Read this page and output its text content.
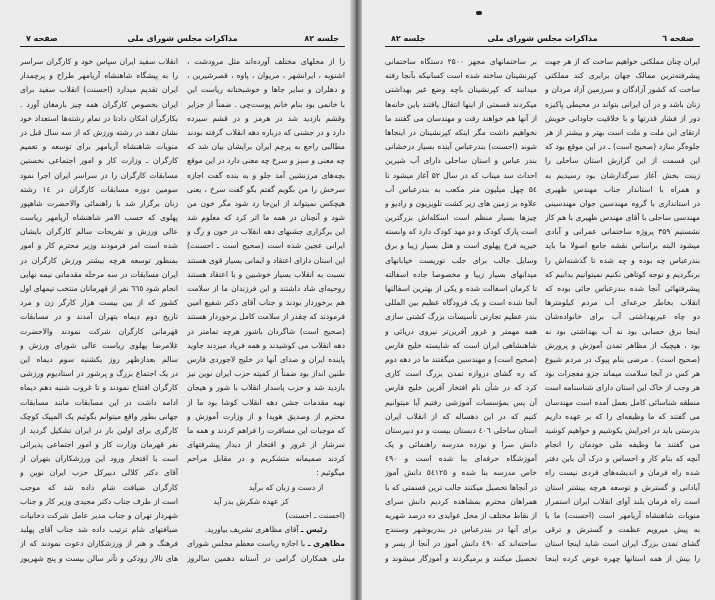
صفحه ٦
مذاکرات مجلس شورای ملی
جلسه ۸۲
جلسه ۸۲
مذاکرات مجلس شورای ملی
صفحه ۷
ایران چنان مملکتی خواهیم ساخت که از هر جهت
پیشرفته‌ترین ممالک جهان برابری کند مملکتی
ساخت که کشور آزادگان و سرزمین آزاد مردان و
زنان باشد و در آن ایرانی بتواند در محیطی پاکیزه
دور از فشار قدرتها و با خلاقیت جاودانی خویش
ارتقای این ملت و ملت است بهتر و بیشتر از هر
جلوه‌گر سازد (صحیح است) ـ در این موقع بود که
این قسمت از این گزارش استان ساحلی را
زینت بخش آغاز سرگذارشان بود رسیدیم به
و همراه با استاندار جناب مهندس ظهیری
در استانداری با گروه مهندسین جوان مهندسینی
مهندسی ساحلی با آقای مهندس ظهیری با هم کار
نشستیم ۳۵۹ پروژه ساختمانی عمرانی و آبادی
میشود البته براساس نقشه جامع اصولا ما باید
بندرعباس چه بوده و چه شده تا گذشته‌اش را
برنگردیم و توجه کوتاهی نکنیم نمیتوانیم بدانیم که
پیشرفتهائی آنجا شده بندرعباس جائی بوده که
انقلاب بخاطر جرعه‌ای آب مردم کیلومترها
دو چاه غیربهداشتی آب برای خانواده‌شان
اینجا برق حسابی بود نه آب بهداشتی بود نه
بود ، هیچیک از مظاهر تمدن آموزش و پرورش
(صحیح است) . مرضی بنام پیوک در مردم شیوع
هر کس در آنجا سلامت میماند جزو معجزات بود
هر وجب از خاک این استان دارای شناسنامه است
منطقه شناسائی کامل بعمل آمده است مهندسان
می گفتند که ما وظیفه‌ای را که بر عهده داریم
بدرستی باید در اجرایش بکوشیم و خواهیم کوشید
می گفتند ما وظیفه ملی خودمان را انجام
آنچه که بنام کار و احساس و درک آن باین دفتر
شده راه فرمان و اندیشه‌های فردی نیست راه
آبادانی و گسترش و توسعه هرچه بیشتر استان
است راه فرمان بلند آوای انقلاب ایران استمرار
منویات شاهنشاه آریامهر است (احسنت) ما با
به پیش میرویم عظمت و گسترش و ترقی
گشای تمدن بزرگ ایران است شاید اینجا استان
را بیش از همه استانها چهره عوض کرده اینجا
بر ساختمانهای مجهز ۲۵۰۰ دستگاه ساختمانی
کپرنشینان ساخته شده است کسانیکه بآنجا رفته
میدانند که کپرنشینان باچه وضع غیر بهداشتی
میکردند قسمتی از اینها انتقال یافتند باین خانه‌ها
از آنها هم خواهند رفت و مهندسان می گفتند ما
نخواهیم داشت مگر اینکه کپرنشینان در اینجاها
شوند (احسنت) بندرعباس آینده بسیار درخشانی
بندر عباس و استان ساحلی دارای آب شیرین
احداث سد میناب که در سال ۵۲ آغاز میشود تا
۵٤ چهل میلیون متر مکعب به بندرعباس آب
علاوه بر زمین های زیر کشت تلویزیون و رادیو و
چیزها بسیار منظم است اسکله‌اش بزرگترین
است پارک کودک و دو مهد کودک دارد که وابسته
خیریه فرح پهلوی است و هتل بسیار زیبا و برق
وسایل جالب برای جلب توریست خیابانهای
میدانهای بسیار زیبا و مخصوصا جاده اسفالته
تا کرمان اسفالت شده و یکی از بهترین اسفالتها
آنجا شده است و یک فرودگاه عظیم بین المللی
بندر عظیم تجارتی تأسیسات بزرگ کشتی سازی
همه مهمتر و غرور آفرین‌تر نیروی دریائی و
شاهنشاهی ایران است که شایسته خلیج فارس
(صحیح است) و مهندسین میگفتند ما در دهه دوم
که ره گشای دروازه تمدن بزرگ است کاری
کرد که در شأن نام افتخار آفرین خلیج فارس
آن پس بمؤسسات آموزشی رفتیم آیا میتوانیم
کنیم که در این دهساله که از انقلاب ایران
استان ساحلی ٤٠٦ دبستان بیست و دو دبیرستان
دانش سرا و نوزده مدرسه راهنمائی و یک
آموزشگاه حرفه‌ای بنا شده است و ٤٩٠
خاص مدرسه بنا شده و ٥٤١٢٥ دانش آموز
در آنجاها تحصیل میکنند جالب ترین قسمتی که با
همراهان محترم بمشاهده کردیم دانش سرای
از نقاط مختلف از محل عوایدی ده درصد شهریه
برای آنها در بندرعباس در بندربوشهر وسنندج
ساخته‌اند که ٤٩٠ دانش آموز در آنجا از پسر و
تحصیل میکنند و برمیگردند و آموزگار میشوند و
را از محلهای مختلف آورده‌اند مثل مرودشت ،
اشنویه ، ایرانشهر ، مریوان ، پاوه ، قصرشیرین ،
و دهلران و سایر جاها و خوشبختانه ریاست این
با خانمی بود بنام خانم پوست‌چی . ضمناً از جزایر
وقشم بازدید شد در هرمز و در قشم سیزده
دارد و در جشنی که درباره دهه انقلاب گرفته بودند
مطالبی راجع به پرچم ایران برایشان بیان شد که
چه معنی و سبز و سرخ چه معنی دارد در این موقع
بچه‌های مرزنشین آمد جلو و به بنده گفت اجازه
سرخش را من بگویم گفتم بگو گفت سرخ ، یعنی
هیچکس نمیتواند از این‌جا رد شود مگر خون من
شود و آنچنان در همه ما اثر کرد که معلوم شد
این برگزاری جشنهای دهه انقلاب در خون و رگ و
ایرانی عجین شده است (صحیح است ـ احسنت)
این استان دارای اعتقاد و ایمانی بسیار قوی هستند
نسبت به انقلاب بسیار خوشبین و با اعتقاد هستند
روحیه‌ای شاد داشتند و این فرزندان ما از سلامت
هم برخوردار بودند و جناب آقای دکتر شفیع امین
فرمودند که چقدر از سلامت کامل برخوردار هستند
(صحیح است) شاگردان باشور هرچه تمامتر در
دهه انقلاب می کوشیدند و همه فریاد میزدند جاوید
پاینده ایران و صدای آنها در خلیج لاجوردی فارس
طنین انداز بود ضمناً از کمیته حزب ایران نوین نیز
بازدید شد و حزب پاسدار انقلاب با شور و هیجان
تهیه مقدمات جشن دهه انقلاب کوشا بود ما از
محترم از وصدیق هویدا و از وزارت آموزش و
که موجبات این مسافرت را فراهم کردند و همه ما
سرشار از غرور و افتخار از دیدار پیشرفتهای
کردند صمیمانه متشکریم و در مقابل مراحم
میگوئیم :
از دست و زبان که برآید
کز عهده شکرش بدر آید
(احسنت ـ احسنت)
رئیس ـ آقای مظاهری تشریف بیاورید.
مظاهری ـ با اجازه ریاست معظم مجلس شورای
ملی همکاران گرامی در آستانه دهمین سالروز
انقلاب سفید ایران سپاس خود و کارگران سراسر
را به پیشگاه شاهنشاه آریامهر طراح و پرچمدار
ایران تقدیم میدارد (احسنت) انقلاب سفید برای
ایران بخصوص کارگران همه چیز بارمغان آورد .
بکارگران امکان دادتا در تمام رشته‌ها استعداد خود
نشان دهند در رشته ورزش که از سه سال قبل در
منویات شاهنشاه آریامهر برای توسعه و تعمیم
کارگران ـ وزارت کار و امور اجتماعی نخستین
مسابقات کارگران را در سراسر ایران اجرا نمود
سومین دوره مسابقات کارگران در ۱٤ رشته
زنان برگزار شد با راهنمائی والاحضرت شاهپور
پهلوی که حسب الامر شاهنشاه آریامهر ریاست
عالی ورزش و تفریحات سالم کارگران بایشان
شده است امر فرمودند وزیر محترم کار و امور
بمنظور توسعه هرچه بیشتر ورزش کارگران در
ایران مسابقات در سه مرحله مقدماتی نیمه نهایی
انجام شود ٦٦٥ نفر از قهرمانان منتخب تیمهای اول
کشور که از بین بیست هزار کارگر زن و مرد
تاریخ دوم دیماه بتهران آمدند و در مسابقات
قهرمانی کارگران شرکت نمودند والاحضرت
غلامرضا پهلوی ریاست عالی شورای ورزش و
سالم بعدازظهر روز یکشنبه سوم دیماه این
در یک اجتماع بزرگ و پرشور در استادیوم ورزشی
کارگران افتتاح نمودند و تا غروب شنبه دهم دیماه
ادامه داشت در این مسابقات مانند مسابقات
جهانی بطور واقع میتوانم بگوئیم یک المپیک کوچک
کارگری برای اولین بار در ایران تشکیل گردید از
نفر قهرمان وزارت کار و امور اجتماعی پذیرائی
است با افتخار ورود این ورزشکاران بتهران از
آقای دکتر کلالی دبیرکل حزب ایران نوین و
کارگران ضیافت شام داده شد که موجب
است از طرف جناب دکتر مجیدی وزیر کار و جناب
شهردار تهران و جناب مدیر عامل شرکت دخانیات
ضیافتهای شام ترتیب داده شد جناب آقای پهلبد
فرهنگ و هنر از ورزشکاران دعوت نمودند که از
های تالار رودکی و تآتر سالن بیست و پنج شهریور
